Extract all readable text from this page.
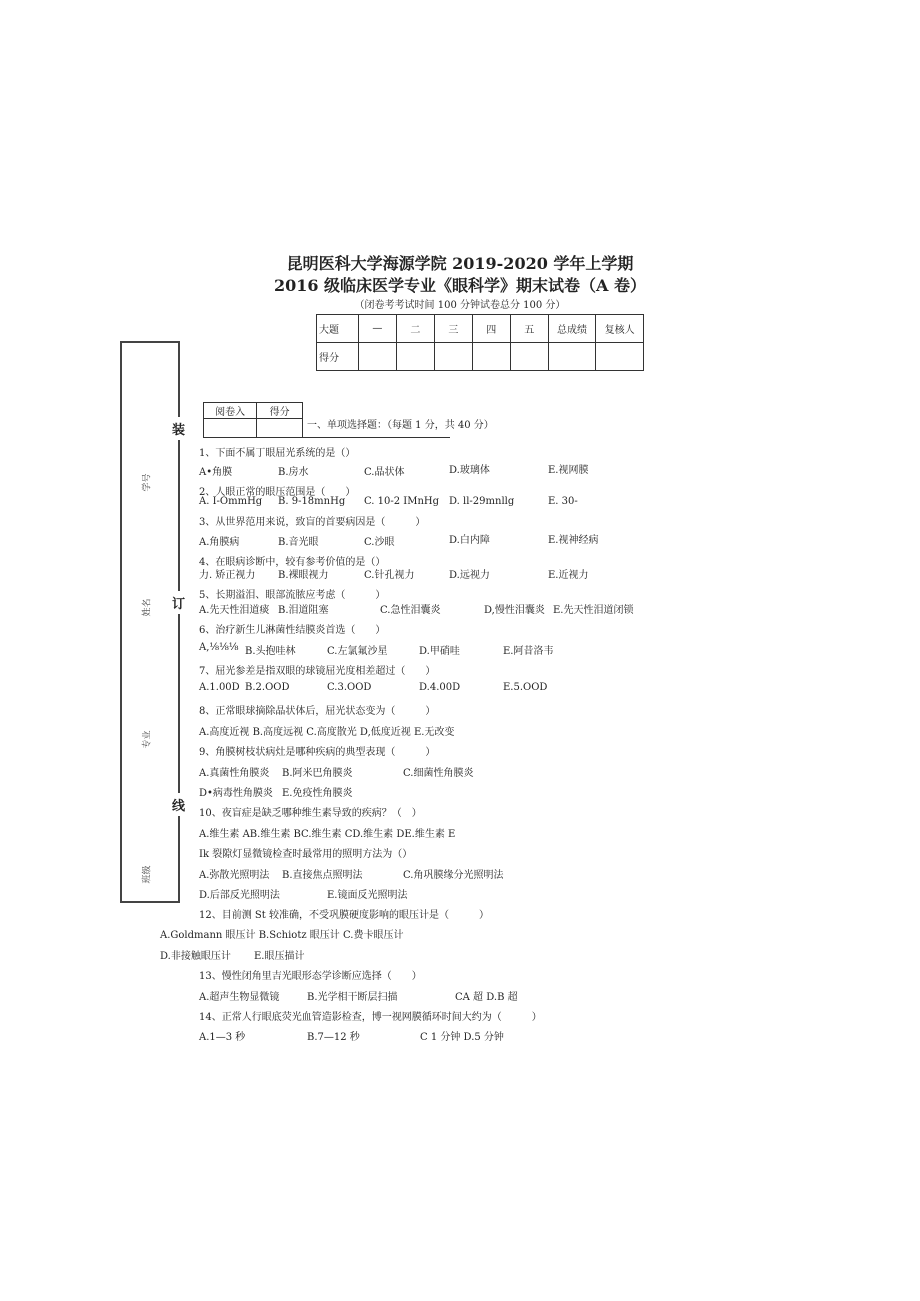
昆明医科大学海源学院 2019-2020 学年上学期
2016 级临床医学专业《眼科学》期末试卷（A 卷）
（闭卷考考试时间 100 分钟试卷总分 100 分）
大题	—	二	三	四	五	总成绩	复核人
得分							
学号
姓名
专业
班级
装
订
线
阅卷入	得分

一、单项选择题：（每题 1 分，共 40 分）
1、下面不属丁眼屈光系统的是（）
2、人眼正常的眼压范围是（　　）
3、从世界范用来说，致盲的首要病因是（　　　）
4、在眼病诊断中，较有参考价值的是（）
5、长期溢泪、眼部流脓应考虑（　　　）
6、治疗新生儿淋菌性结膜炎首选（　　）
7、屈光参差是指双眼的球镜屈光度相差超过（　　）
8、正常眼球摘除晶状体后，屈光状态变为（　　　）
9、角膜树枝状病灶是哪种疾病的典型表现（　　　）
10、夜盲症是缺乏哪种维生素导致的疾病？（　）
Ik 裂隙灯显微镜检查时最常用的照明方法为（）
12、目前测 St 较准确，不受巩膜硬度影响的眼压计是（　　　）
13、慢性闭角里吉光眼形态学诊断应选择（　　）
14、正常人行眼底荧光血管造影检查，博一视网膜循环时间大约为（　　　）
A•角膜	B.房水	C.晶状体	D.玻璃体	E.视网膜
A. I-OmmHg B. 9-18mnHg C. 10-2 IMnHg D. ll-29mnllg	E. 30-
A.角膜病	B.音光眼	C.沙眼	D.白内障	E.视神经病
力. 矫正视力 B.裸眼视力	C.针孔视力	D.远视力	E.近视力
A.先天性泪道痰 B.泪道阻塞	C.急性泪囊炎	D,慢性泪囊炎 E.先天性泪道闭锁
A,⅛⅛⅛ B.头抱哇林	C.左氯氟沙星	D.甲硝哇	E.阿昔洛韦
A.1.00D B.2.OOD	C.3.OOD	D.4.00D	E.5.OOD
A.高度近视 B.高度远视 C.高度散光 D,低度近视 E.无改变
A.真菌性角膜炎 B.阿米巴角膜炎	C.细菌性角膜炎
D•病毒性角膜炎 E.免疫性角膜炎
A.维生素 AB.维生素 BC.维生素 CD.维生素 DE.维生素 E
A.弥散光照明法 B.直接焦点照明法	C.角巩膜缘分光照明法
D.后部反光照明法	E.镜面反光照明法
A.Goldmann 眼压计 B.Schiotz 眼压计 C.费卡眼压计
D.非接触眼压计 E.眼压描计
A.超声生物显微镜	B.光学相干断层扫描	CA 超 D.B 超
A.1—3 秒	B.7—12 秒	C 1 分钟 D.5 分钟
